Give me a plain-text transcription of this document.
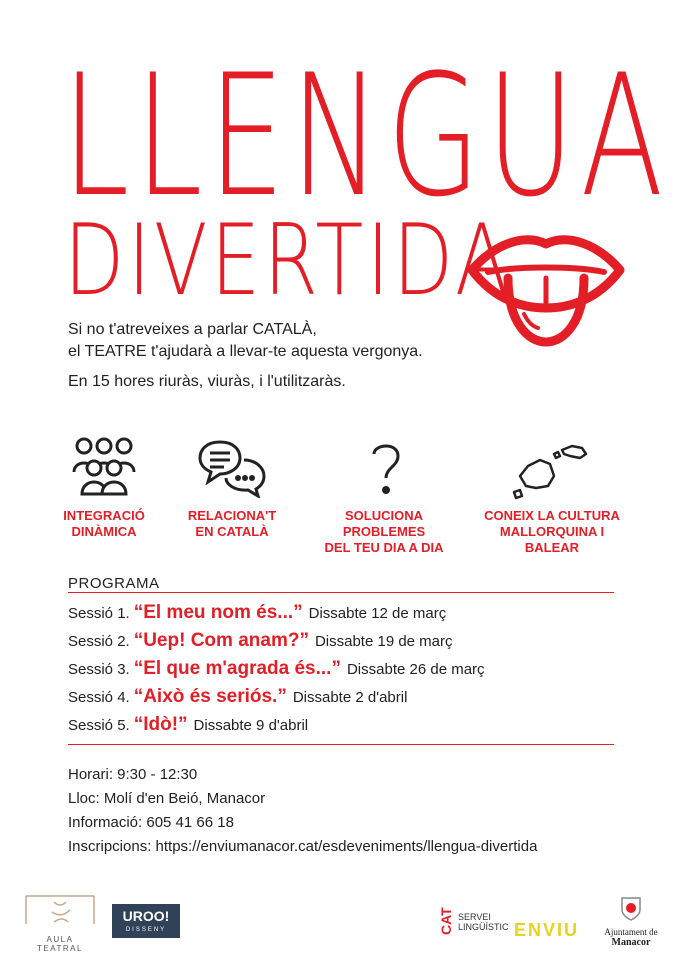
LLENGUA
DIVERTIDA
Si no t'atreveixes a parlar CATALÀ,
el TEATRE t'ajudarà a llevar-te aquesta vergonya.
En 15 hores riuràs, viuràs, i l'utilitzaràs.
INTEGRACIÓ
DINÀMICA
RELACIONA'T
EN CATALÀ
SOLUCIONA PROBLEMES
DEL TEU DIA A DIA
CONEIX LA CULTURA
MALLORQUINA I BALEAR
PROGRAMA
Sessió 1. “El meu nom és...” Dissabte 12 de març
Sessió 2. “Uep! Com anam?” Dissabte 19 de març
Sessió 3. “El que m'agrada és...” Dissabte 26 de març
Sessió 4. “Això és seriós.” Dissabte 2 d'abril
Sessió 5. “Idò!” Dissabte 9 d'abril
Horari: 9:30 - 12:30
Lloc: Molí d'en Beió, Manacor
Informació: 605 41 66 18
Inscripcions: https://enviumanacor.cat/esdeveniments/llengua-divertida
AULA TEATRAL
UROO!
DISSENY	CAT SERVEI
LINGÜÍSTIC ENVIU	Ajuntament de
Manacor
